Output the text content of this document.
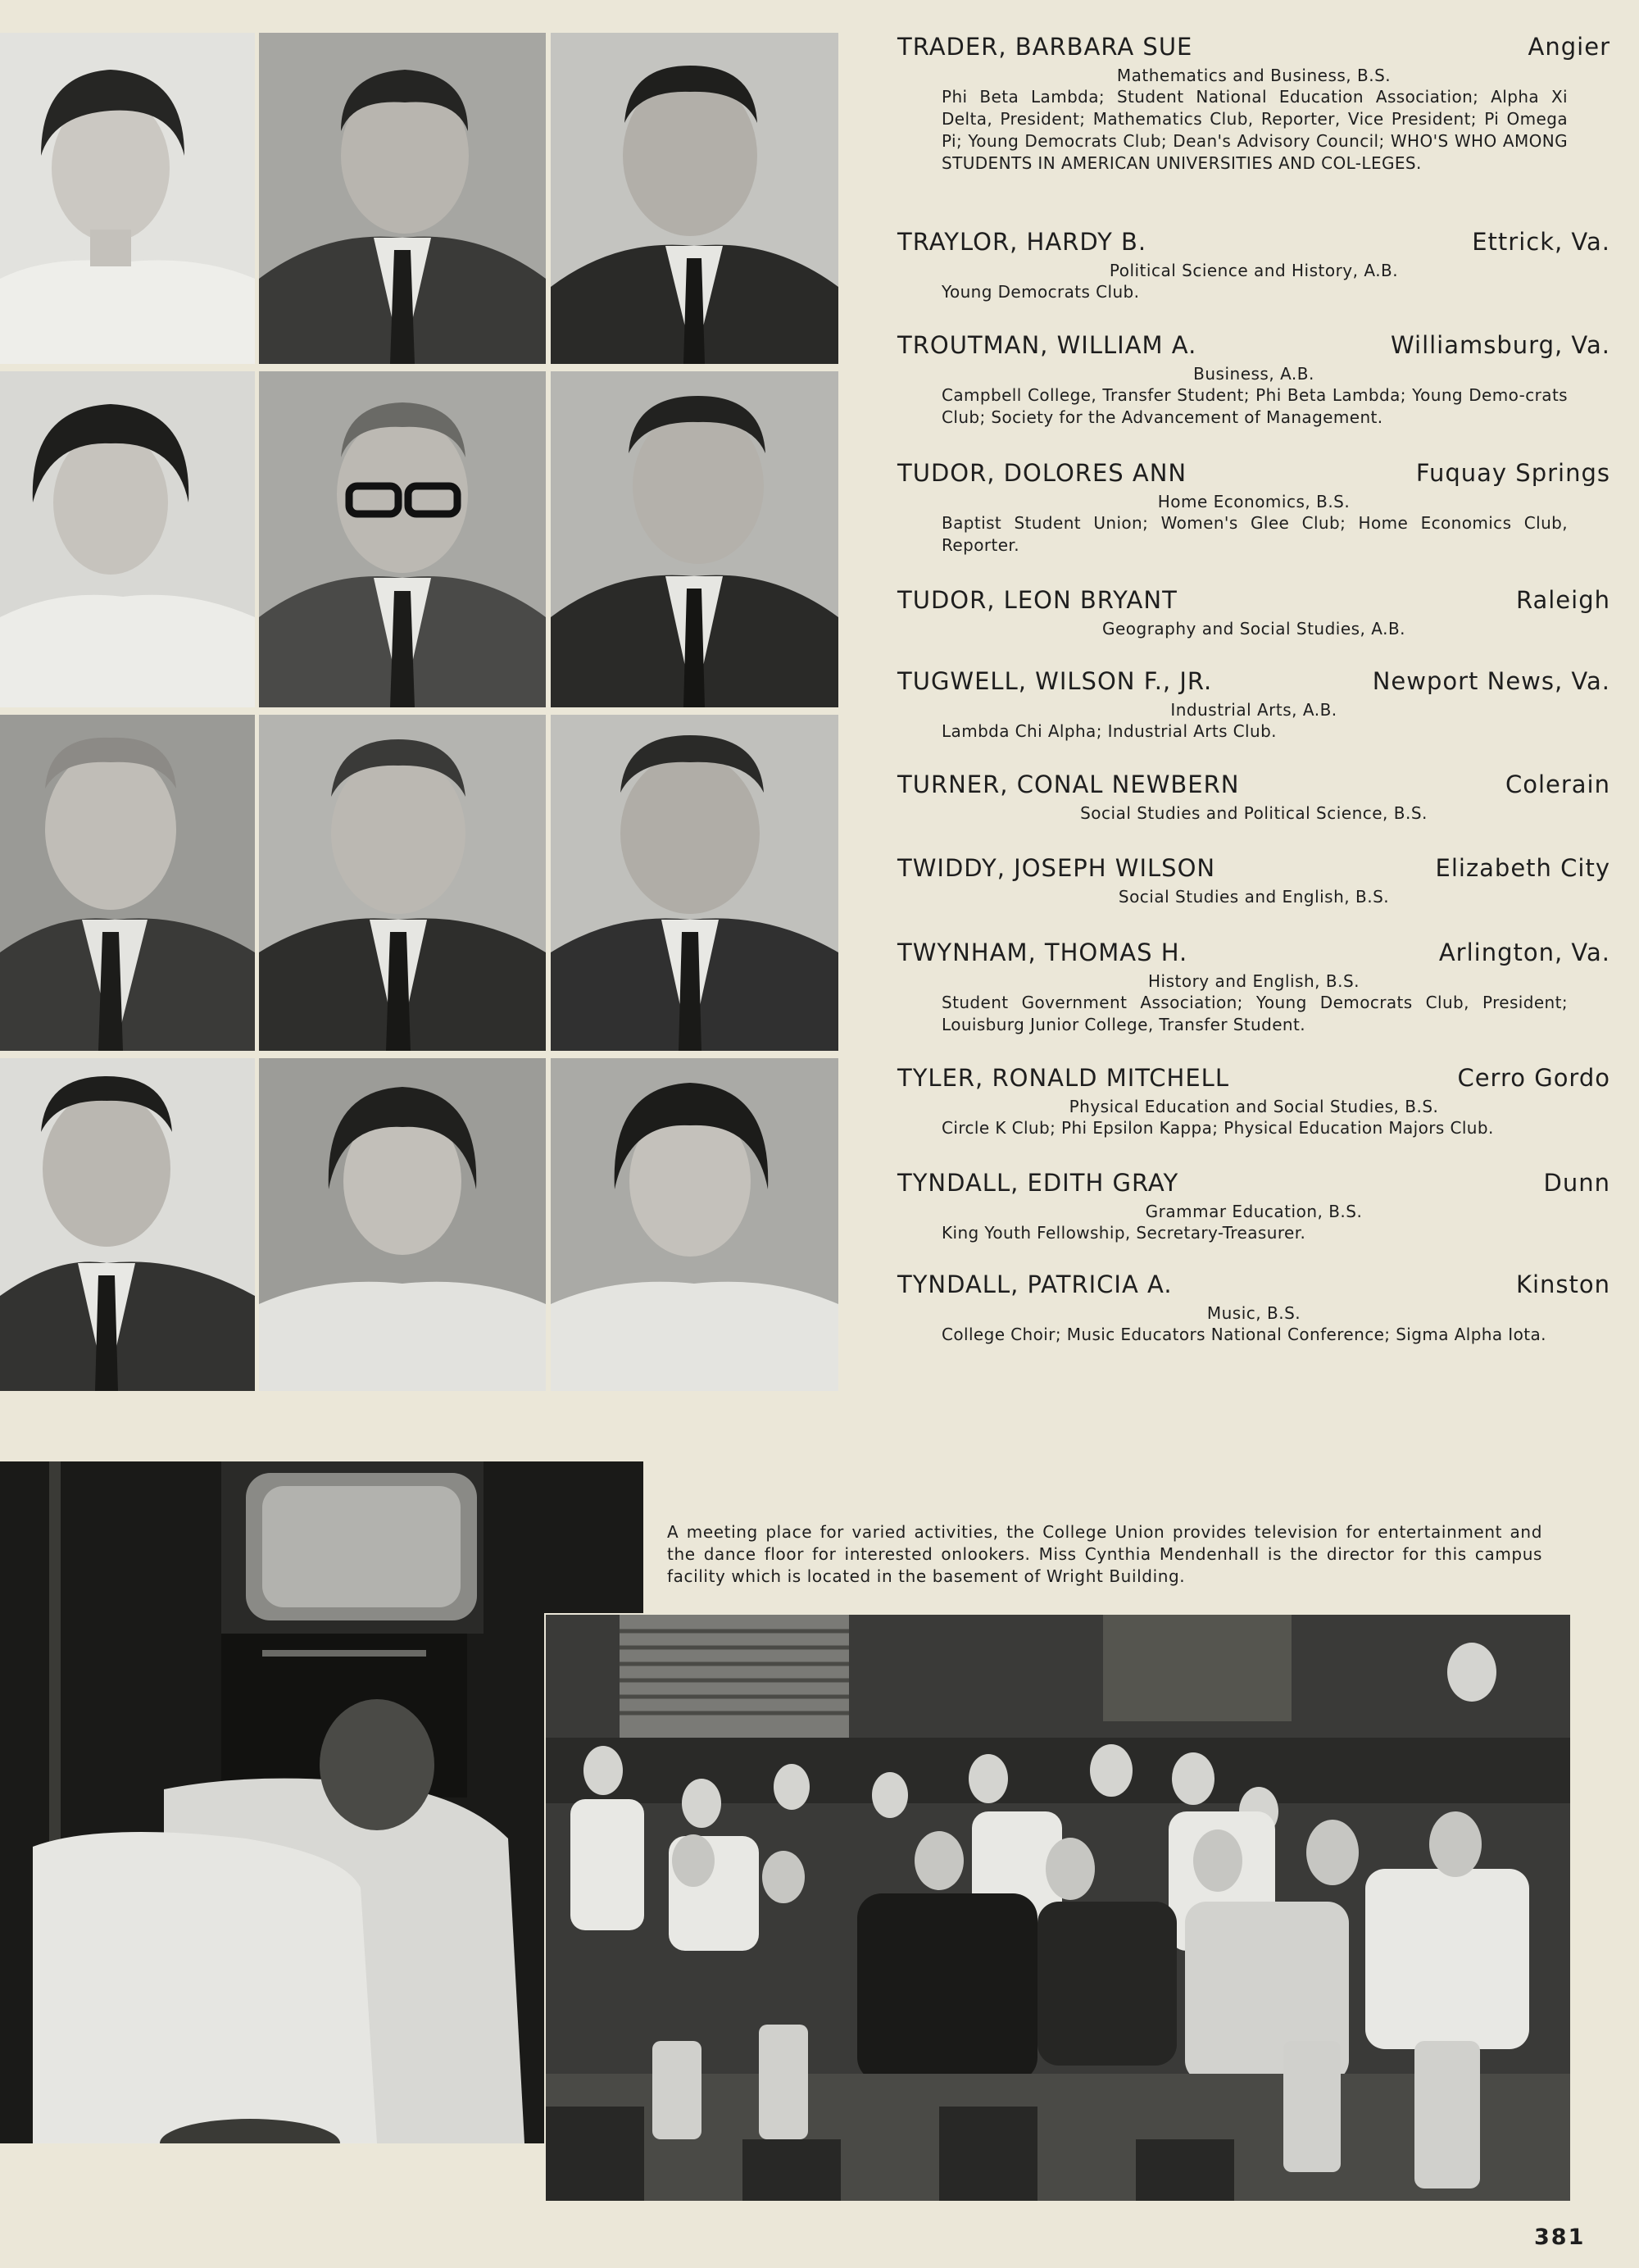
TRADER, BARBARA SUE	Angier
Mathematics and Business, B.S.
Phi Beta Lambda; Student National Education Association; Alpha Xi Delta, President; Mathematics Club, Reporter, Vice President; Pi Omega Pi; Young Democrats Club; Dean's Advisory Council; WHO'S WHO AMONG STUDENTS IN AMERICAN UNIVERSITIES AND COL-LEGES.
TRAYLOR, HARDY B.	Ettrick, Va.
Political Science and History, A.B.
Young Democrats Club.
TROUTMAN, WILLIAM A.	Williamsburg, Va.
Business, A.B.
Campbell College, Transfer Student; Phi Beta Lambda; Young Demo-crats Club; Society for the Advancement of Management.
TUDOR, DOLORES ANN	Fuquay Springs
Home Economics, B.S.
Baptist Student Union; Women's Glee Club; Home Economics Club, Reporter.
TUDOR, LEON BRYANT	Raleigh
Geography and Social Studies, A.B.
TUGWELL, WILSON F., JR.	Newport News, Va.
Industrial Arts, A.B.
Lambda Chi Alpha; Industrial Arts Club.
TURNER, CONAL NEWBERN	Colerain
Social Studies and Political Science, B.S.
TWIDDY, JOSEPH WILSON	Elizabeth City
Social Studies and English, B.S.
TWYNHAM, THOMAS H.	Arlington, Va.
History and English, B.S.
Student Government Association; Young Democrats Club, President; Louisburg Junior College, Transfer Student.
TYLER, RONALD MITCHELL	Cerro Gordo
Physical Education and Social Studies, B.S.
Circle K Club; Phi Epsilon Kappa; Physical Education Majors Club.
TYNDALL, EDITH GRAY	Dunn
Grammar Education, B.S.
King Youth Fellowship, Secretary-Treasurer.
TYNDALL, PATRICIA A.	Kinston
Music, B.S.
College Choir; Music Educators National Conference; Sigma Alpha Iota.
A meeting place for varied activities, the College Union provides television for entertainment and the dance floor for interested onlookers. Miss Cynthia Mendenhall is the director for this campus facility which is located in the basement of Wright Building.
381
